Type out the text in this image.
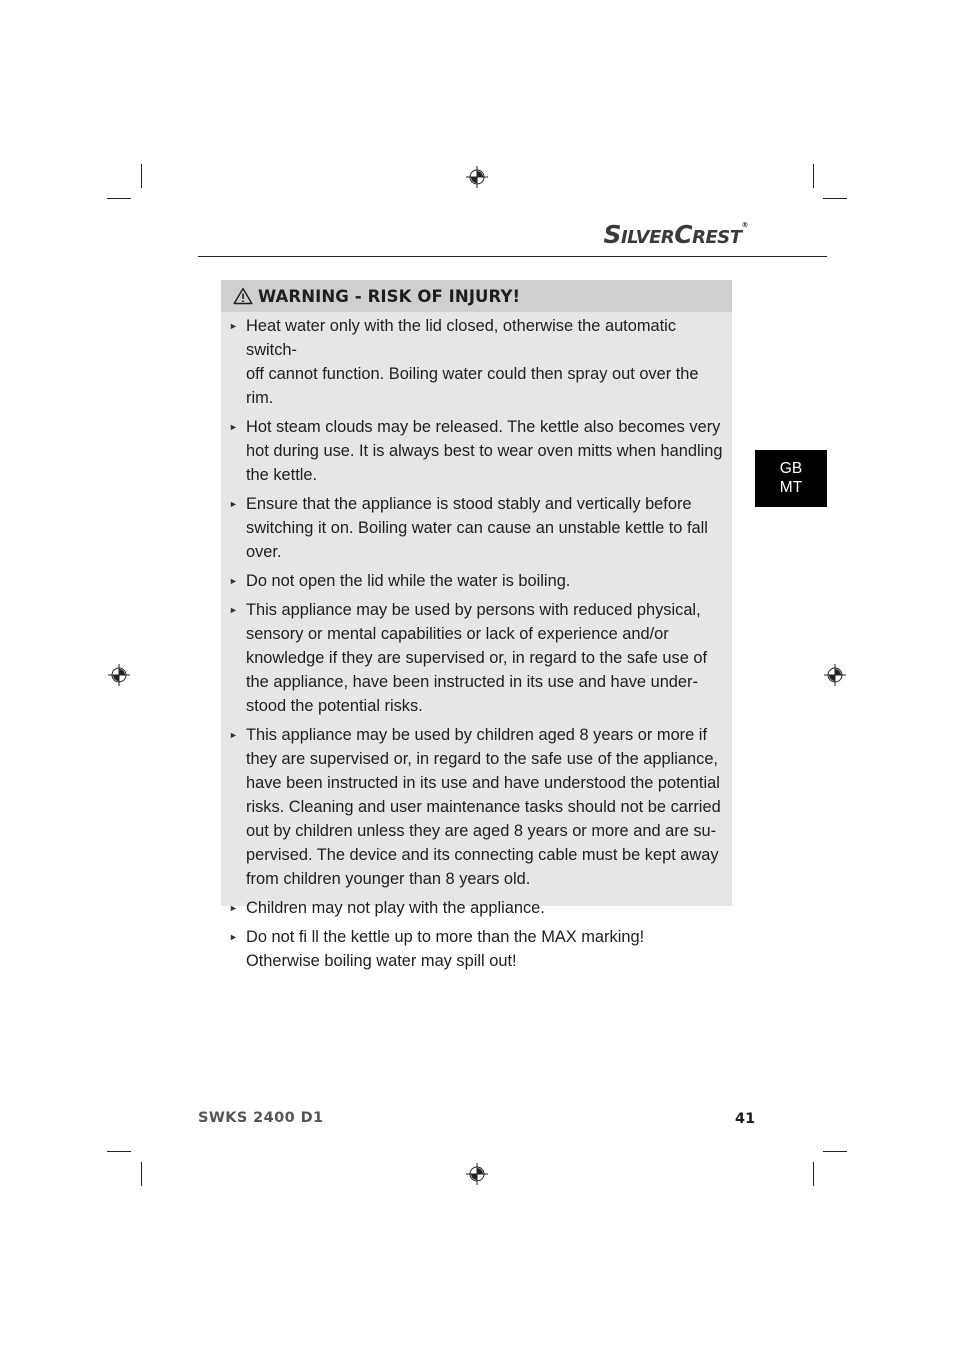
SILVERCREST®
WARNING - RISK OF INJURY!
► Heat water only with the lid closed, otherwise the automatic switch-
off cannot function. Boiling water could then spray out over the rim.
► Hot steam clouds may be released. The kettle also becomes very
hot during use. It is always best to wear oven mitts when handling
the kettle.
► Ensure that the appliance is stood stably and vertically before
switching it on. Boiling water can cause an unstable kettle to fall over.
► Do not open the lid while the water is boiling.
► This appliance may be used by persons with reduced physical,
sensory or mental capabilities or lack of experience and/or
knowledge if they are supervised or, in regard to the safe use of
the appliance, have been instructed in its use and have under-
stood the potential risks.
► This appliance may be used by children aged 8 years or more if
they are supervised or, in regard to the safe use of the appliance,
have been instructed in its use and have understood the potential
risks. Cleaning and user maintenance tasks should not be carried
out by children unless they are aged 8 years or more and are su-
pervised. The device and its connecting cable must be kept away
from children younger than 8 years old.
► Children may not play with the appliance.
► Do not fi ll the kettle up to more than the MAX marking!
Otherwise boiling water may spill out!
GB
MT
SWKS 2400 D1	41
